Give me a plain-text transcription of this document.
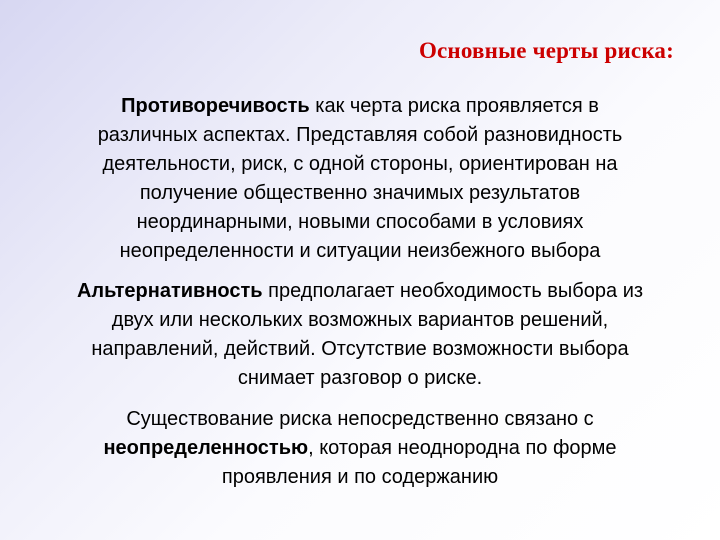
Основные черты риска:

Противоречивость как черта риска проявляется в различных аспектах. Представляя собой разновидность деятельности, риск, с одной стороны, ориентирован на получение общественно значимых результатов неординарными, новыми способами в условиях неопределенности и ситуации неизбежного выбора

Альтернативность предполагает необходимость выбора из двух или нескольких возможных вариантов решений, направлений, действий. Отсутствие возможности выбора снимает разговор о риске.

Существование риска непосредственно связано с неопределенностью, которая неоднородна по форме проявления и по содержанию
